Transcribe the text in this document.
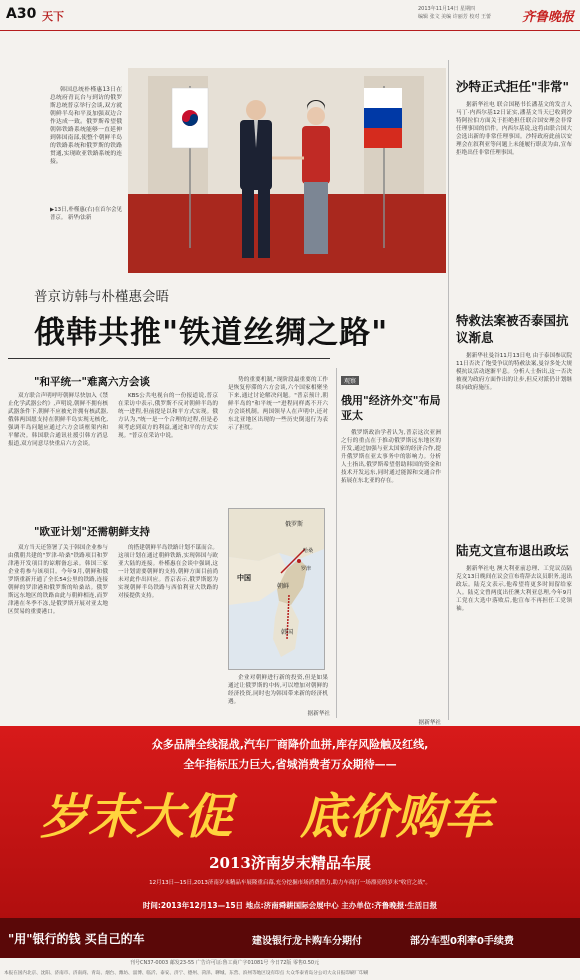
A30 天下
2013年11月14日 星期四
编辑 张文 美编 许丽芳 校对 王蕾	齐鲁晚报
韩国总统朴槿惠13日在总统府青瓦台与到访的俄罗斯总统普京举行会谈,双方就朝鲜半岛和平及加强双边合作达成一致。俄罗斯希望俄朝韩铁路系统能够一直延伸到韩国南部,使整个朝鲜半岛的铁路系统和俄罗斯的铁路贯通,实现欧亚铁路系统的连接。
▶13日,朴槿惠(右)在首尔会见普京。 新华/法新
普京访韩与朴槿惠会晤
俄韩共推"铁道丝绸之路"
"和平统一"难离六方会谈
双方联合声明呼吁朝鲜尽快加入《禁止化学武器公约》,声明说,朝鲜不拥有核武器条件下,朝鲜不应被允许拥有核武器,俄韩两国愿支持在朝鲜半岛实现无核化,强调半岛问题应通过六方会谈框架内和平解决。韩国联合通讯社援引韩方消息报道,双方同意尽快重启六方会谈。
KBS公共电视台的一份报道说,普京在采访中表示,俄罗斯不反对朝鲜半岛的统一进程,但前提是以和平方式实现。俄方认为,"统一是一个合理的过程,但是必须考虑到双方的利益,通过和平的方式实现。"普京在采访中说。
势的重要机制,"现阶段最重要的工作是恢复停滞的六方会谈,六个国家相聚坐下来,通过讨论解决问题。"普京预计,朝鲜半岛的"和平统一"进程同样离不开六方会谈机制。两国领导人在声明中,还对东北亚地区出现的一些历史倒退行为表示了担忧。
"欧亚计划"还需朝鲜支持
双方当天还签署了关于韩国企业参与由俄朝共建的"罗津-哈桑"铁路项目和罗津港开发项目的谅解备忘录。韩国三家企业将参与该项目。今年9月,朝鲜和俄罗斯重新开通了全长54公里的铁路,连接朝鲜的罗津港和俄罗斯的哈桑站。俄罗斯远东地区的铁路由此与朝鲜相连,而罗津港在冬季不冻,是俄罗斯开展对亚太地区贸易的重要港口。
的搭建朝鲜半岛铁路计划不谋而合。这项计划在通过朝鲜铁路,实现韩国与欧亚大陆的连接。朴槿惠在会谈中强调,这一计划需要朝鲜的支持,朝鲜方面目前尚未对此作出回应。普京表示,俄罗斯愿为实现朝鲜半岛铁路与西伯利亚大铁路的对接提供支持。
俄罗斯
中国
朝鲜
韩国
罗津
哈桑
企业对朝鲜进行新的投资,但是如果通过让俄罗斯的中转,可以增加对朝鲜的经济投资,同时也为韩国带来新的经济机遇。
据新华社
观察
俄用"经济外交"布局亚太
俄罗斯政治学者认为,普京这次亚洲之行的重点在于推动俄罗斯远东地区的开发,通过加强与亚太国家的经济合作,提升俄罗斯在亚太事务中的影响力。分析人士指出,俄罗斯希望借助韩国的资金和技术开发远东,同时通过能源和交通合作拓展在东北亚的存在。
据新华社
沙特正式拒任"非常"
据新华社电 联合国秘书长潘基文的发言人马丁·内西尔基12日证实,潘基文当天已收到沙特阿拉伯方面关于拒绝担任联合国安理会非常任理事国的信件。内西尔基说,这将由联合国大会选出新的非常任理事国。沙特政府此前以安理会在叙利亚等问题上未能履行职责为由,宣布拒绝出任非常任理事国。
特救法案被否泰国抗议渐息
据新华社曼谷11月13日电 由于泰国参议院11日否决了饱受争议的特赦法案,曼谷多处大规模抗议活动逐渐平息。分析人士指出,这一否决被视为政府方面作出的让步,但反对派仍计划继续向政府施压。
陆克文宣布退出政坛
据新华社电 澳大利亚前总理、工党议员陆克文13日晚间在议会宣布将辞去议员职务,退出政坛。陆克文表示,他希望将更多时间留给家人。陆克文曾两度出任澳大利亚总理,今年9月工党在大选中落败后,他宣布不再担任工党领袖。
众多品牌全线混战,汽车厂商降价血拼,库存风险触及红线,
全年指标压力巨大,省城消费者万众期待——
岁末大促 底价购车
2013济南岁末精品车展
12月13日—15日,2013济南岁末精品车展隆重启幕,充分挖掘市场消费潜力,助力车商打一场漂亮的岁末"收官之战"。
时间:2013年12月13—15日 地点:济南舜耕国际会展中心 主办单位:齐鲁晚报·生活日报
"用"银行的钱 买自己的车	建设银行龙卡购车分期付	部分车型0利率0手续费
刊号CN37-0003 邮发23-55 广告许可证:鲁工商广字01081号 今日72版 零售0.50元
本报在国内北京、沈阳、济南市、济南商、青岛、烟台、潍坊、淄博、临沂、泰安、济宁、德州、菏泽、聊城、东营、滨州等地区设有印点 大众华泰青岛分公司大众日报印刷厂印刷
